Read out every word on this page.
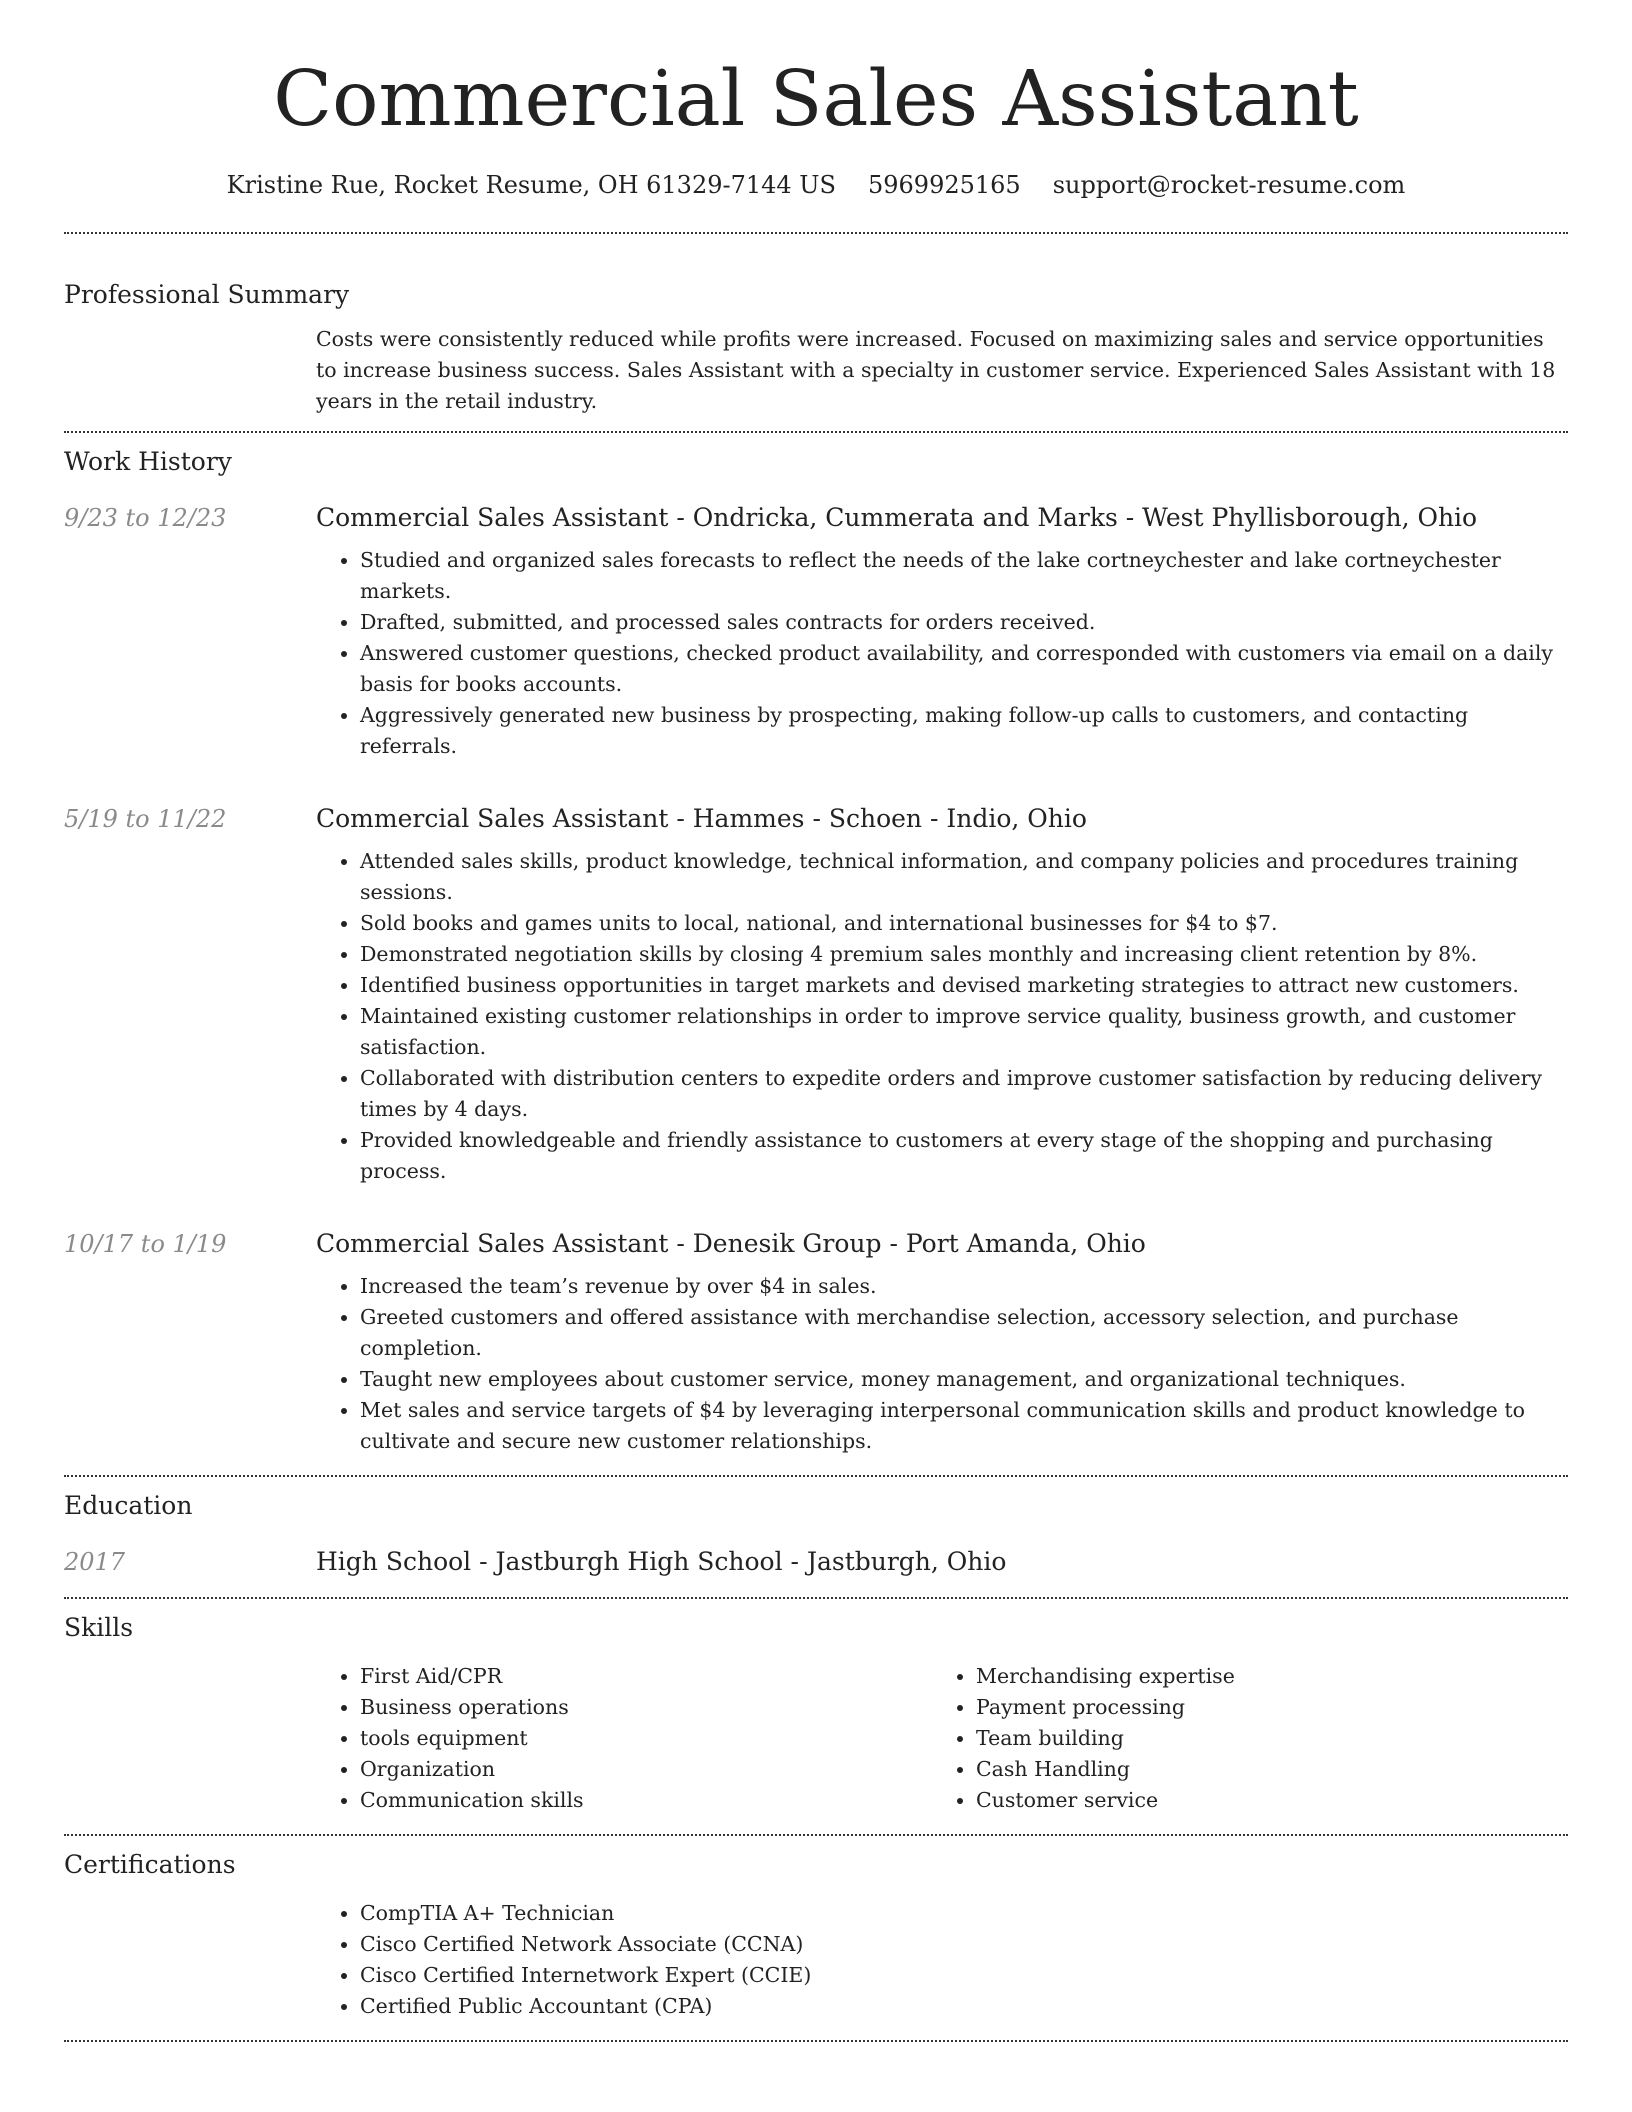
Commercial Sales Assistant
Kristine Rue, Rocket Resume, OH 61329-7144 US 5969925165 support@rocket-resume.com
Professional Summary
Costs were consistently reduced while profits were increased. Focused on maximizing sales and service opportunities to increase business success. Sales Assistant with a specialty in customer service. Experienced Sales Assistant with 18 years in the retail industry.
Work History
9/23 to 12/23	Commercial Sales Assistant - Ondricka, Cummerata and Marks - West Phyllisborough, Ohio
• Studied and organized sales forecasts to reflect the needs of the lake cortneychester and lake cortneychester markets.
• Drafted, submitted, and processed sales contracts for orders received.
• Answered customer questions, checked product availability, and corresponded with customers via email on a daily basis for books accounts.
• Aggressively generated new business by prospecting, making follow-up calls to customers, and contacting referrals.
5/19 to 11/22	Commercial Sales Assistant - Hammes - Schoen - Indio, Ohio
• Attended sales skills, product knowledge, technical information, and company policies and procedures training sessions.
• Sold books and games units to local, national, and international businesses for $4 to $7.
• Demonstrated negotiation skills by closing 4 premium sales monthly and increasing client retention by 8%.
• Identified business opportunities in target markets and devised marketing strategies to attract new customers.
• Maintained existing customer relationships in order to improve service quality, business growth, and customer satisfaction.
• Collaborated with distribution centers to expedite orders and improve customer satisfaction by reducing delivery times by 4 days.
• Provided knowledgeable and friendly assistance to customers at every stage of the shopping and purchasing process.
10/17 to 1/19	Commercial Sales Assistant - Denesik Group - Port Amanda, Ohio
• Increased the team’s revenue by over $4 in sales.
• Greeted customers and offered assistance with merchandise selection, accessory selection, and purchase completion.
• Taught new employees about customer service, money management, and organizational techniques.
• Met sales and service targets of $4 by leveraging interpersonal communication skills and product knowledge to cultivate and secure new customer relationships.
Education
2017	High School - Jastburgh High School - Jastburgh, Ohio
Skills
• First Aid/CPR
• Business operations
• tools equipment
• Organization
• Communication skills
• Merchandising expertise
• Payment processing
• Team building
• Cash Handling
• Customer service
Certifications
• CompTIA A+ Technician
• Cisco Certified Network Associate (CCNA)
• Cisco Certified Internetwork Expert (CCIE)
• Certified Public Accountant (CPA)
